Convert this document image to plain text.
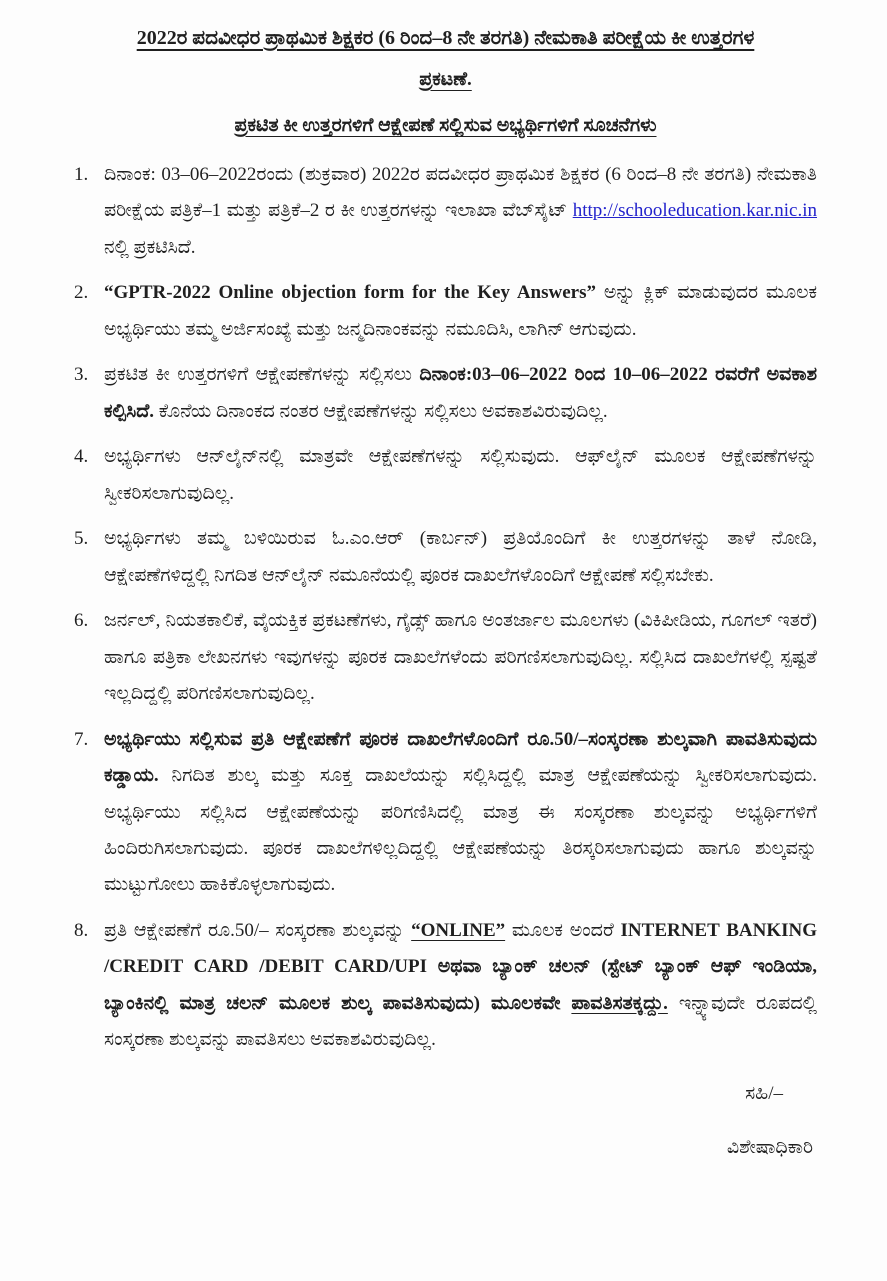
2022ರ ಪದವೀಧರ ಪ್ರಾಥಮಿಕ ಶಿಕ್ಷಕರ (6 ರಿಂದ–8 ನೇ ತರಗತಿ) ನೇಮಕಾತಿ ಪರೀಕ್ಷೆಯ ಕೀ ಉತ್ತರಗಳ
ಪ್ರಕಟಣೆ.
ಪ್ರಕಟಿತ ಕೀ ಉತ್ತರಗಳಿಗೆ ಆಕ್ಷೇಪಣೆ ಸಲ್ಲಿಸುವ ಅಭ್ಯರ್ಥಿಗಳಿಗೆ ಸೂಚನೆಗಳು
1. ದಿನಾಂಕ: 03–06–2022ರಂದು (ಶುಕ್ರವಾರ) 2022ರ ಪದವೀಧರ ಪ್ರಾಥಮಿಕ ಶಿಕ್ಷಕರ (6 ರಿಂದ–8 ನೇ ತರಗತಿ) ನೇಮಕಾತಿ ಪರೀಕ್ಷೆಯ ಪತ್ರಿಕೆ–1 ಮತ್ತು ಪತ್ರಿಕೆ–2 ರ ಕೀ ಉತ್ತರಗಳನ್ನು ಇಲಾಖಾ ವೆಬ್‌ಸೈಟ್ http://schooleducation.kar.nic.in ನಲ್ಲಿ ಪ್ರಕಟಿಸಿದೆ.
2. “GPTR-2022 Online objection form for the Key Answers” ಅನ್ನು ಕ್ಲಿಕ್ ಮಾಡುವುದರ ಮೂಲಕ ಅಭ್ಯರ್ಥಿಯು ತಮ್ಮ ಅರ್ಜಿಸಂಖ್ಯೆ ಮತ್ತು ಜನ್ಮದಿನಾಂಕವನ್ನು ನಮೂದಿಸಿ, ಲಾಗಿನ್ ಆಗುವುದು.
3. ಪ್ರಕಟಿತ ಕೀ ಉತ್ತರಗಳಿಗೆ ಆಕ್ಷೇಪಣೆಗಳನ್ನು ಸಲ್ಲಿಸಲು ದಿನಾಂಕ:03–06–2022 ರಿಂದ 10–06–2022 ರವರೆಗೆ ಅವಕಾಶ ಕಲ್ಪಿಸಿದೆ. ಕೊನೆಯ ದಿನಾಂಕದ ನಂತರ ಆಕ್ಷೇಪಣೆಗಳನ್ನು ಸಲ್ಲಿಸಲು ಅವಕಾಶವಿರುವುದಿಲ್ಲ.
4. ಅಭ್ಯರ್ಥಿಗಳು ಆನ್‌ಲೈನ್‌ನಲ್ಲಿ ಮಾತ್ರವೇ ಆಕ್ಷೇಪಣೆಗಳನ್ನು ಸಲ್ಲಿಸುವುದು. ಆಫ್‌ಲೈನ್ ಮೂಲಕ ಆಕ್ಷೇಪಣೆಗಳನ್ನು ಸ್ವೀಕರಿಸಲಾಗುವುದಿಲ್ಲ.
5. ಅಭ್ಯರ್ಥಿಗಳು ತಮ್ಮ ಬಳಿಯಿರುವ ಓ.ಎಂ.ಆರ್ (ಕಾರ್ಬನ್) ಪ್ರತಿಯೊಂದಿಗೆ ಕೀ ಉತ್ತರಗಳನ್ನು ತಾಳೆ ನೋಡಿ, ಆಕ್ಷೇಪಣೆಗಳಿದ್ದಲ್ಲಿ ನಿಗದಿತ ಆನ್‌ಲೈನ್ ನಮೂನೆಯಲ್ಲಿ ಪೂರಕ ದಾಖಲೆಗಳೊಂದಿಗೆ ಆಕ್ಷೇಪಣೆ ಸಲ್ಲಿಸಬೇಕು.
6. ಜರ್ನಲ್, ನಿಯತಕಾಲಿಕೆ, ವೈಯಕ್ತಿಕ ಪ್ರಕಟಣೆಗಳು, ಗೈಡ್ಸ್ ಹಾಗೂ ಅಂತರ್ಜಾಲ ಮೂಲಗಳು (ವಿಕಿಪೀಡಿಯ, ಗೂಗಲ್ ಇತರೆ) ಹಾಗೂ ಪತ್ರಿಕಾ ಲೇಖನಗಳು ಇವುಗಳನ್ನು ಪೂರಕ ದಾಖಲೆಗಳೆಂದು ಪರಿಗಣಿಸಲಾಗುವುದಿಲ್ಲ. ಸಲ್ಲಿಸಿದ ದಾಖಲೆಗಳಲ್ಲಿ ಸ್ಪಷ್ಟತೆ ಇಲ್ಲದಿದ್ದಲ್ಲಿ ಪರಿಗಣಿಸಲಾಗುವುದಿಲ್ಲ.
7. ಅಭ್ಯರ್ಥಿಯು ಸಲ್ಲಿಸುವ ಪ್ರತಿ ಆಕ್ಷೇಪಣೆಗೆ ಪೂರಕ ದಾಖಲೆಗಳೊಂದಿಗೆ ರೂ.50/–ಸಂಸ್ಕರಣಾ ಶುಲ್ಕವಾಗಿ ಪಾವತಿಸುವುದು ಕಡ್ಡಾಯ. ನಿಗದಿತ ಶುಲ್ಕ ಮತ್ತು ಸೂಕ್ತ ದಾಖಲೆಯನ್ನು ಸಲ್ಲಿಸಿದ್ದಲ್ಲಿ ಮಾತ್ರ ಆಕ್ಷೇಪಣೆಯನ್ನು ಸ್ವೀಕರಿಸಲಾಗುವುದು. ಅಭ್ಯರ್ಥಿಯು ಸಲ್ಲಿಸಿದ ಆಕ್ಷೇಪಣೆಯನ್ನು ಪರಿಗಣಿಸಿದಲ್ಲಿ ಮಾತ್ರ ಈ ಸಂಸ್ಕರಣಾ ಶುಲ್ಕವನ್ನು ಅಭ್ಯರ್ಥಿಗಳಿಗೆ ಹಿಂದಿರುಗಿಸಲಾಗುವುದು. ಪೂರಕ ದಾಖಲೆಗಳಿಲ್ಲದಿದ್ದಲ್ಲಿ ಆಕ್ಷೇಪಣೆಯನ್ನು ತಿರಸ್ಕರಿಸಲಾಗುವುದು ಹಾಗೂ ಶುಲ್ಕವನ್ನು ಮುಟ್ಟುಗೋಲು ಹಾಕಿಕೊಳ್ಳಲಾಗುವುದು.
8. ಪ್ರತಿ ಆಕ್ಷೇಪಣೆಗೆ ರೂ.50/– ಸಂಸ್ಕರಣಾ ಶುಲ್ಕವನ್ನು “ONLINE” ಮೂಲಕ ಅಂದರೆ INTERNET BANKING /CREDIT CARD /DEBIT CARD/UPI ಅಥವಾ ಬ್ಯಾಂಕ್ ಚಲನ್ (ಸ್ಟೇಟ್ ಬ್ಯಾಂಕ್ ಆಫ್ ಇಂಡಿಯಾ, ಬ್ಯಾಂಕಿನಲ್ಲಿ ಮಾತ್ರ ಚಲನ್ ಮೂಲಕ ಶುಲ್ಕ ಪಾವತಿಸುವುದು) ಮೂಲಕವೇ ಪಾವತಿಸತಕ್ಕದ್ದು. ಇನ್ನ್ಯಾವುದೇ ರೂಪದಲ್ಲಿ ಸಂಸ್ಕರಣಾ ಶುಲ್ಕವನ್ನು ಪಾವತಿಸಲು ಅವಕಾಶವಿರುವುದಿಲ್ಲ.
ಸಹಿ/–
ವಿಶೇಷಾಧಿಕಾರಿ
